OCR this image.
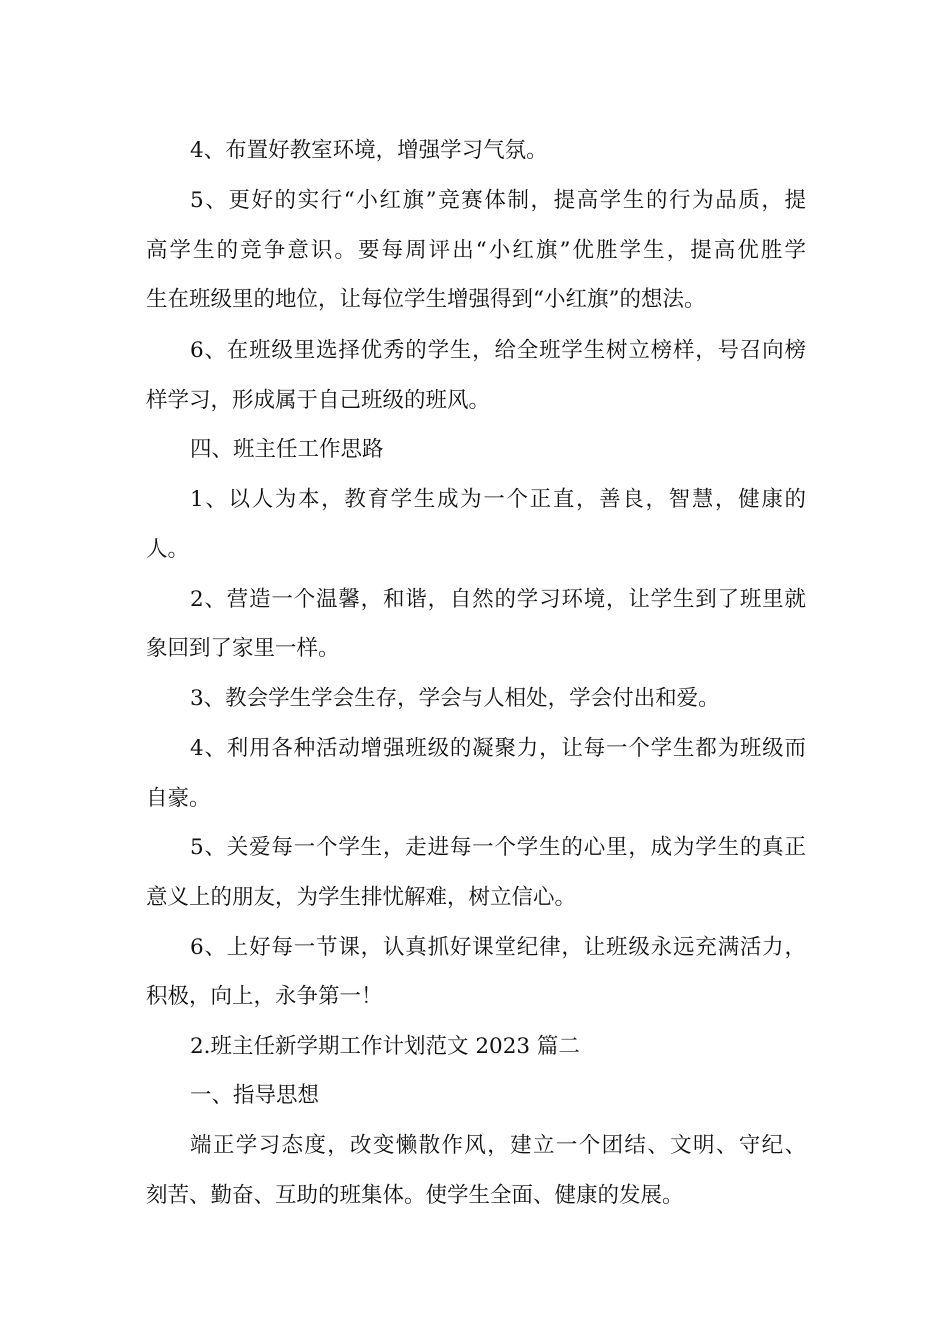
4、布置好教室环境，增强学习气氛。
5、更好的实行“小红旗”竞赛体制，提高学生的行为品质，提
高学生的竞争意识。要每周评出“小红旗”优胜学生，提高优胜学
生在班级里的地位，让每位学生增强得到“小红旗”的想法。
6、在班级里选择优秀的学生，给全班学生树立榜样，号召向榜
样学习，形成属于自己班级的班风。
四、班主任工作思路
1、以人为本，教育学生成为一个正直，善良，智慧，健康的
人。
2、营造一个温馨，和谐，自然的学习环境，让学生到了班里就
象回到了家里一样。
3、教会学生学会生存，学会与人相处，学会付出和爱。
4、利用各种活动增强班级的凝聚力，让每一个学生都为班级而
自豪。
5、关爱每一个学生，走进每一个学生的心里，成为学生的真正
意义上的朋友，为学生排忧解难，树立信心。
6、上好每一节课，认真抓好课堂纪律，让班级永远充满活力，
积极，向上，永争第一！
2.班主任新学期工作计划范文 2023 篇二
一、指导思想
端正学习态度，改变懒散作风，建立一个团结、文明、守纪、
刻苦、勤奋、互助的班集体。使学生全面、健康的发展。
